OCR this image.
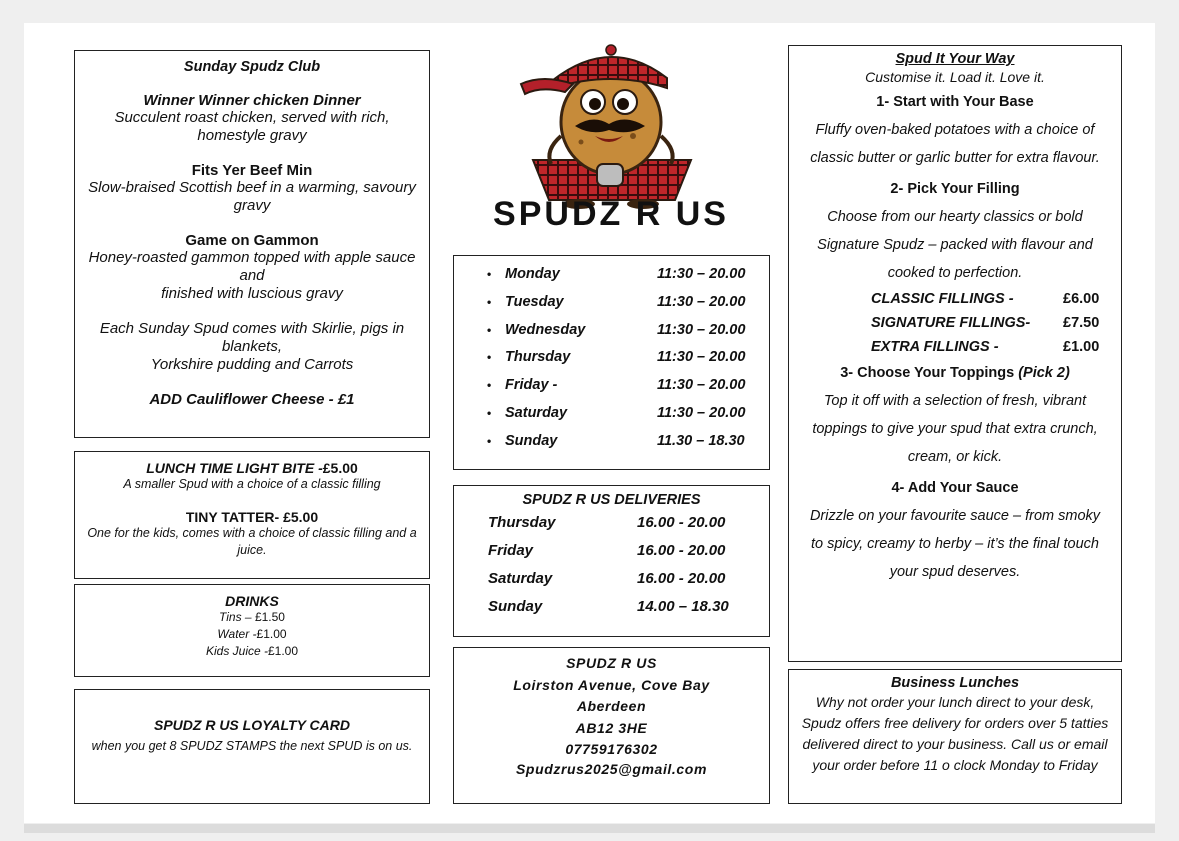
Sunday Spudz Club

Winner Winner chicken Dinner

Succulent roast chicken, served with rich, homestyle gravy

Fits Yer Beef Min

Slow-braised Scottish beef in a warming, savoury gravy

Game on Gammon

Honey-roasted gammon topped with apple sauce and

finished with luscious gravy

Each Sunday Spud comes with Skirlie, pigs in blankets,

Yorkshire pudding and Carrots

ADD Cauliflower Cheese - £1

LUNCH TIME LIGHT BITE -£5.00

A smaller Spud with a choice of a classic filling

TINY TATTER- £5.00

One for the kids, comes with a choice of classic filling and a juice.

DRINKS

Tins – £1.50

Water -£1.00

Kids Juice -£1.00

SPUDZ R US LOYALTY CARD

when you get 8 SPUDZ STAMPS the next SPUD is on us.

SPUDZ R US
• Monday	11:30 – 20.00
• Tuesday	11:30 – 20.00
• Wednesday	11:30 – 20.00
• Thursday	11:30 – 20.00
• Friday -	11:30 – 20.00
• Saturday	11:30 – 20.00
• Sunday	11.30 – 18.30

SPUDZ R US DELIVERIES

Thursday	16.00 - 20.00
Friday	16.00 - 20.00
Saturday	16.00 - 20.00
Sunday	14.00 – 18.30

SPUDZ R US

Loirston Avenue, Cove Bay

Aberdeen

AB12 3HE

07759176302

Spudzrus2025@gmail.com

Spud It Your Way

Customise it. Load it. Love it.

1- Start with Your Base

Fluffy oven-baked potatoes with a choice of classic butter or garlic butter for extra flavour.

2- Pick Your Filling

Choose from our hearty classics or bold Signature Spudz – packed with flavour and cooked to perfection.

CLASSIC FILLINGS -	£6.00
SIGNATURE FILLINGS- £7.50
EXTRA FILLINGS -	£1.00

3- Choose Your Toppings (Pick 2)

Top it off with a selection of fresh, vibrant toppings to give your spud that extra crunch, cream, or kick.

4- Add Your Sauce

Drizzle on your favourite sauce – from smoky to spicy, creamy to herby – it’s the final touch your spud deserves.

Business Lunches

Why not order your lunch direct to your desk, Spudz offers free delivery for orders over 5 tatties delivered direct to your business. Call us or email your order before 11 o clock Monday to Friday
